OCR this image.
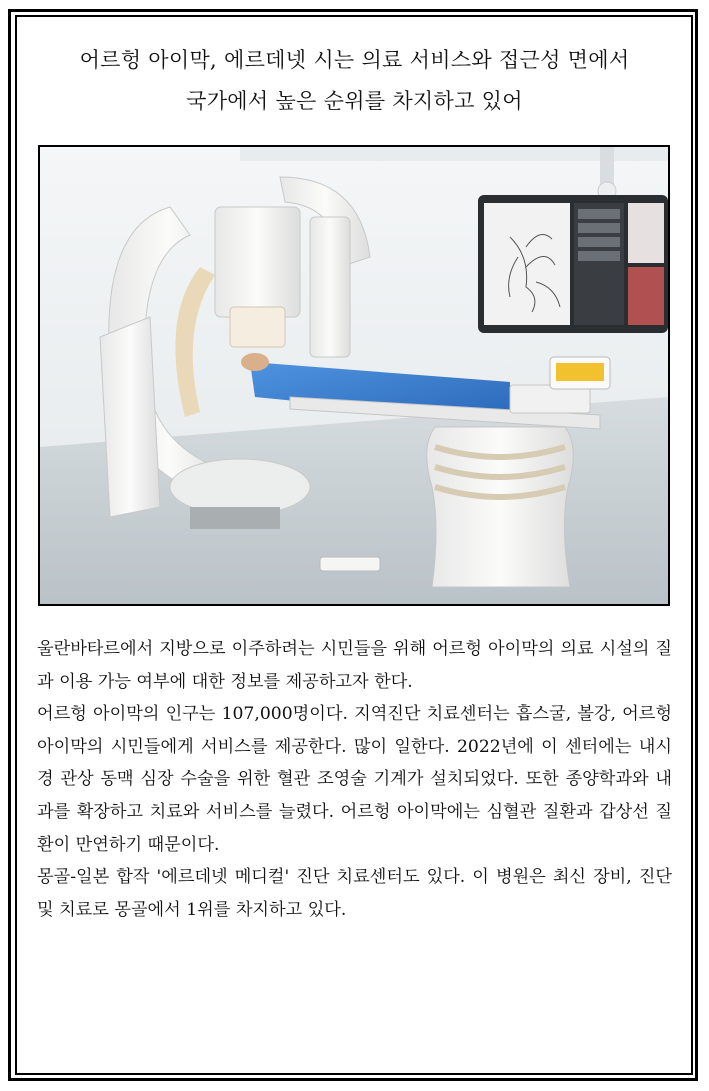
어르헝 아이막, 에르데넷 시는 의료 서비스와 접근성 면에서
국가에서 높은 순위를 차지하고 있어

울란바타르에서 지방으로 이주하려는 시민들을 위해 어르헝 아이막의 의료 시설의 질과 이용 가능 여부에 대한 정보를 제공하고자 한다.

어르헝 아이막의 인구는 107,000명이다. 지역진단 치료센터는 흡스굴, 볼강, 어르헝 아이막의 시민들에게 서비스를 제공한다. 많이 일한다. 2022년에 이 센터에는 내시경 관상 동맥 심장 수술을 위한 혈관 조영술 기계가 설치되었다. 또한 종양학과와 내과를 확장하고 치료와 서비스를 늘렸다. 어르헝 아이막에는 심혈관 질환과 갑상선 질환이 만연하기 때문이다.

몽골-일본 합작 '에르데넷 메디컬' 진단 치료센터도 있다. 이 병원은 최신 장비, 진단 및 치료로 몽골에서 1위를 차지하고 있다.
